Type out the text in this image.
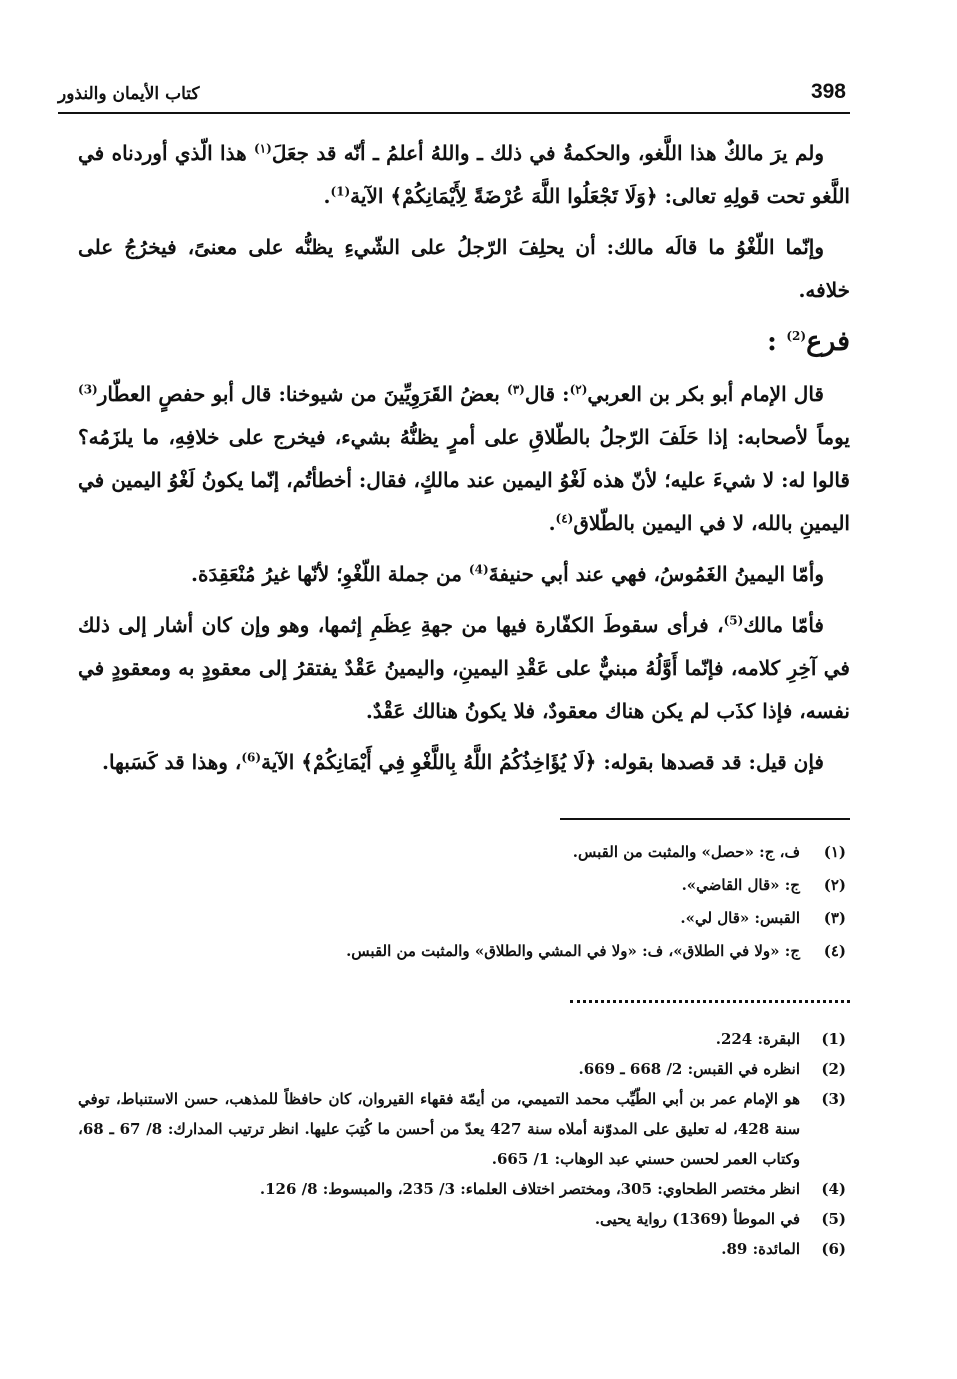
398
كتاب الأيمان والنذور

ولم يرَ مالكٌ هذا اللَّغو، والحكمةُ في ذلك ـ واللهُ أعلمُ ـ أنّه قد جعَلَ$^{(١)}$ هذا الّذي أوردناه في اللَّغو تحت قولِهِ تعالى: ﴿وَلَا تَجْعَلُوا اللَّهَ عُرْضَةً لِأَيْمَانِكُمْ﴾ الآية$^{(1)}$.

وإنّما اللّغْوُ ما قالَه مالك: أن يحلِفَ الرّجلُ على الشّيءِ يظنُّه على معنىً، فيخرُجُ على خلافه.

فرع$^{(2)}$ :

قال الإمام أبو بكر بن العربي$^{(٢)}$: قال$^{(٣)}$ بعضُ القَرَوِيِّينَ من شيوخنا: قال أبو حفصٍ العطّار$^{(3)}$ يوماً لأصحابه: إذا حَلَفَ الرّجلُ بالطّلاقِ على أمرٍ يظنُّهُ بشيء، فيخرج على خلافِهِ، ما يلزَمُه؟ قالوا له: لا شيءَ عليه؛ لأنّ هذه لَغْوُ اليمين عند مالكٍ، فقال: أخطأتُم، إنّما يكونُ لَغْوُ اليمين في اليمينِ بالله، لا في اليمين بالطّلاق$^{(٤)}$.

وأمّا اليمينُ الغَمُوسُ، فهي عند أبي حنيفةَ$^{(4)}$ من جملة اللّغْوِ؛ لأنّها غيرُ مُنْعَقِدَة.

فأمّا مالك$^{(5)}$، فرأى سقوطَ الكفّارة فيها من جهةِ عِظَمِ إثمها، وهو وإن كان أشار إلى ذلك في آخِرِ كلامه، فإنّما أَوَّلُهُ مبنيٌّ على عَقْدِ اليمينِ، واليمينُ عَقْدٌ يفتقرُ إلى معقودٍ به ومعقودٍ في نفسه، فإذا كذَب لم يكن هناك معقودٌ، فلا يكونُ هنالك عَقْدٌ.

فإن قيل: قد قصدها بقوله: ﴿لَا يُؤَاخِذُكُمُ اللَّهُ بِاللَّغْوِ فِي أَيْمَانِكُمْ﴾ الآية$^{(6)}$، وهذا قد كَسَبها.

(١)
ف، ج: «حصل» والمثبت من القبس.
(٢)
ج: «قال القاضي».
(٣)
القبس: «قال لي».
(٤)
ج: «ولا في الطلاق»، ف: «ولا في المشي والطلاق» والمثبت من القبس.
(1)
البقرة: 224.
(2)
انظره في القبس: 2/ 668 ـ 669.
(3)
هو الإمام عمر بن أبي الطّيِّب محمد التميمي، من أيمّة فقهاء القيروان، كان حافظاً للمذهب، حسن الاستنباط، توفي سنة 428، له تعليق على المدوّنة أملاه سنة 427 يعدّ من أحسن ما كُتِبَ عليها. انظر ترتيب المدارك: 8/ 67 ـ 68، وكتاب العمر لحسن حسني عبد الوهاب: 1/ 665.
(4)
انظر مختصر الطحاوي: 305، ومختصر اختلاف العلماء: 3/ 235، والمبسوط: 8/ 126.
(5)
في الموطأ (1369) رواية يحيى.
(6)
المائدة: 89.
